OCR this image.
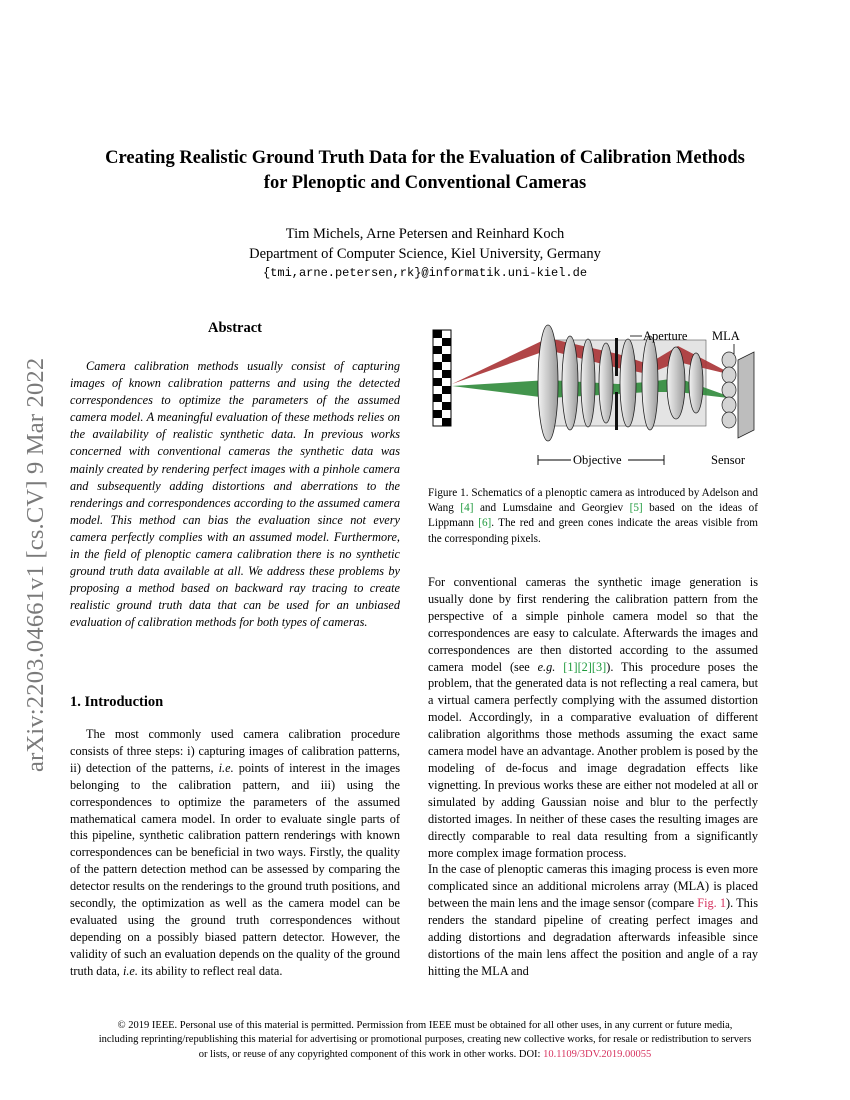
Creating Realistic Ground Truth Data for the Evaluation of Calibration Methods
for Plenoptic and Conventional Cameras
Tim Michels, Arne Petersen and Reinhard Koch
Department of Computer Science, Kiel University, Germany
{tmi,arne.petersen,rk}@informatik.uni-kiel.de
arXiv:2203.04661v1 [cs.CV] 9 Mar 2022
Abstract
Camera calibration methods usually consist of capturing images of known calibration patterns and using the detected correspondences to optimize the parameters of the assumed camera model. A meaningful evaluation of these methods relies on the availability of realistic synthetic data. In previous works concerned with conventional cameras the synthetic data was mainly created by rendering perfect images with a pinhole camera and subsequently adding distortions and aberrations to the renderings and correspondences according to the assumed camera model. This method can bias the evaluation since not every camera perfectly complies with an assumed model. Furthermore, in the field of plenoptic camera calibration there is no synthetic ground truth data available at all. We address these problems by proposing a method based on backward ray tracing to create realistic ground truth data that can be used for an unbiased evaluation of calibration methods for both types of cameras.
1. Introduction
The most commonly used camera calibration procedure consists of three steps: i) capturing images of calibration patterns, ii) detection of the patterns, i.e. points of interest in the images belonging to the calibration pattern, and iii) using the correspondences to optimize the parameters of the assumed mathematical camera model. In order to evaluate single parts of this pipeline, synthetic calibration pattern renderings with known correspondences can be beneficial in two ways. Firstly, the quality of the pattern detection method can be assessed by comparing the detector results on the renderings to the ground truth positions, and secondly, the optimization as well as the camera model can be evaluated using the ground truth correspondences without depending on a possibly biased pattern detector. However, the validity of such an evaluation depends on the quality of the ground truth data, i.e. its ability to reflect real data.
Aperture MLA
Objective	Sensor
Figure 1. Schematics of a plenoptic camera as introduced by Adelson and Wang [4] and Lumsdaine and Georgiev [5] based on the ideas of Lippmann [6]. The red and green cones indicate the areas visible from the corresponding pixels.

For conventional cameras the synthetic image generation is usually done by first rendering the calibration pattern from the perspective of a simple pinhole camera model so that the correspondences are easy to calculate. Afterwards the images and correspondences are then distorted according to the assumed camera model (see e.g. [1][2][3]). This procedure poses the problem, that the generated data is not reflecting a real camera, but a virtual camera perfectly complying with the assumed distortion model. Accordingly, in a comparative evaluation of different calibration algorithms those methods assuming the exact same camera model have an advantage. Another problem is posed by the modeling of de-focus and image degradation effects like vignetting. In previous works these are either not modeled at all or simulated by adding Gaussian noise and blur to the perfectly distorted images. In neither of these cases the resulting images are directly comparable to real data resulting from a significantly more complex image formation process.

In the case of plenoptic cameras this imaging process is even more complicated since an additional microlens array (MLA) is placed between the main lens and the image sensor (compare Fig. 1). This renders the standard pipeline of creating perfect images and adding distortions and degradation afterwards infeasible since distortions of the main lens affect the position and angle of a ray hitting the MLA and

© 2019 IEEE. Personal use of this material is permitted. Permission from IEEE must be obtained for all other uses, in any current or future media,
including reprinting/republishing this material for advertising or promotional purposes, creating new collective works, for resale or redistribution to servers
or lists, or reuse of any copyrighted component of this work in other works. DOI: 10.1109/3DV.2019.00055
